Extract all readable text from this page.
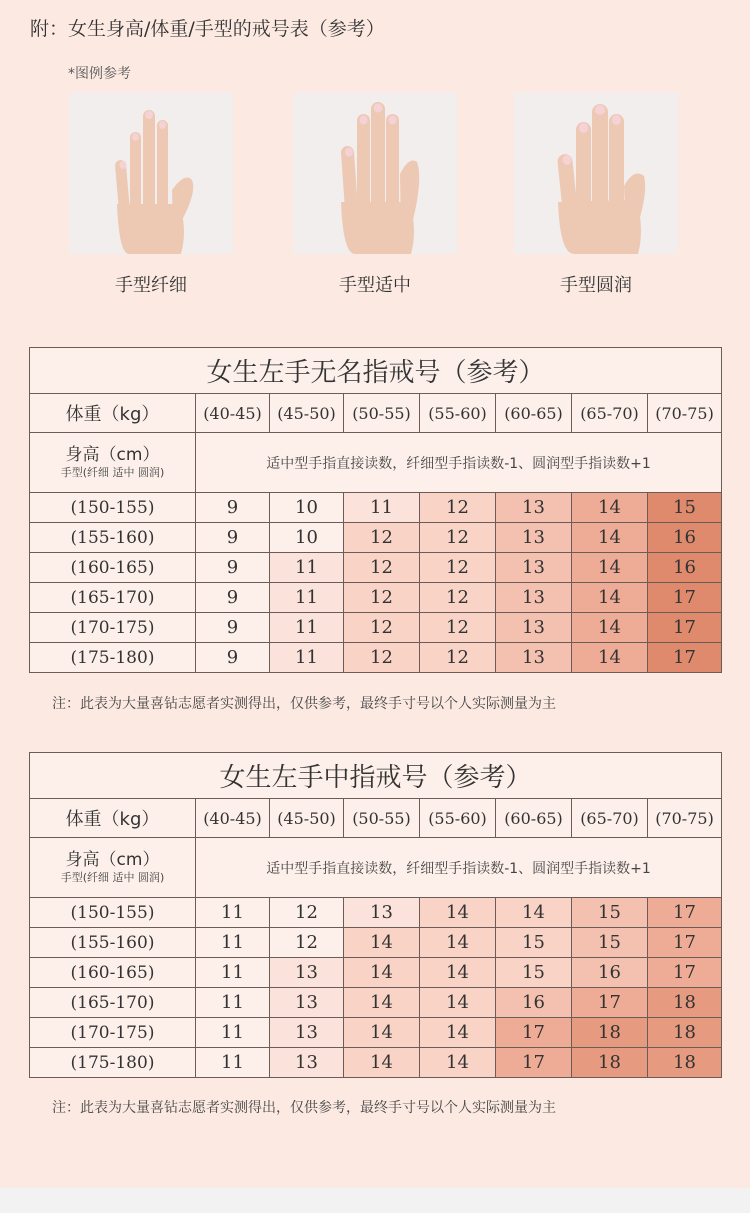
附：女生身高/体重/手型的戒号表（参考）
*图例参考
手型纤细	手型适中	手型圆润
女生左手无名指戒号（参考）							
体重（kg）	(40-45)	(45-50)	(50-55)	(55-60)	(60-65)	(65-70)	(70-75)

身高（cm）
手型(纤细 适中 圆润)	适中型手指直接读数，纤细型手指读数-1、圆润型手指读数+1						
(150-155)	9	10	11	12	13	14	15
(155-160)	9	10	12	12	13	14	16
(160-165)	9	11	12	12	13	14	16
(165-170)	9	11	12	12	13	14	17
(170-175)	9	11	12	12	13	14	17
(175-180)	9	11	12	12	13	14	17
注：此表为大量喜钻志愿者实测得出，仅供参考，最终手寸号以个人实际测量为主
女生左手中指戒号（参考）							
体重（kg）	(40-45)	(45-50)	(50-55)	(55-60)	(60-65)	(65-70)	(70-75)

身高（cm）
手型(纤细 适中 圆润)	适中型手指直接读数，纤细型手指读数-1、圆润型手指读数+1						
(150-155)	11	12	13	14	14	15	17
(155-160)	11	12	14	14	15	15	17
(160-165)	11	13	14	14	15	16	17
(165-170)	11	13	14	14	16	17	18
(170-175)	11	13	14	14	17	18	18
(175-180)	11	13	14	14	17	18	18
注：此表为大量喜钻志愿者实测得出，仅供参考，最终手寸号以个人实际测量为主
